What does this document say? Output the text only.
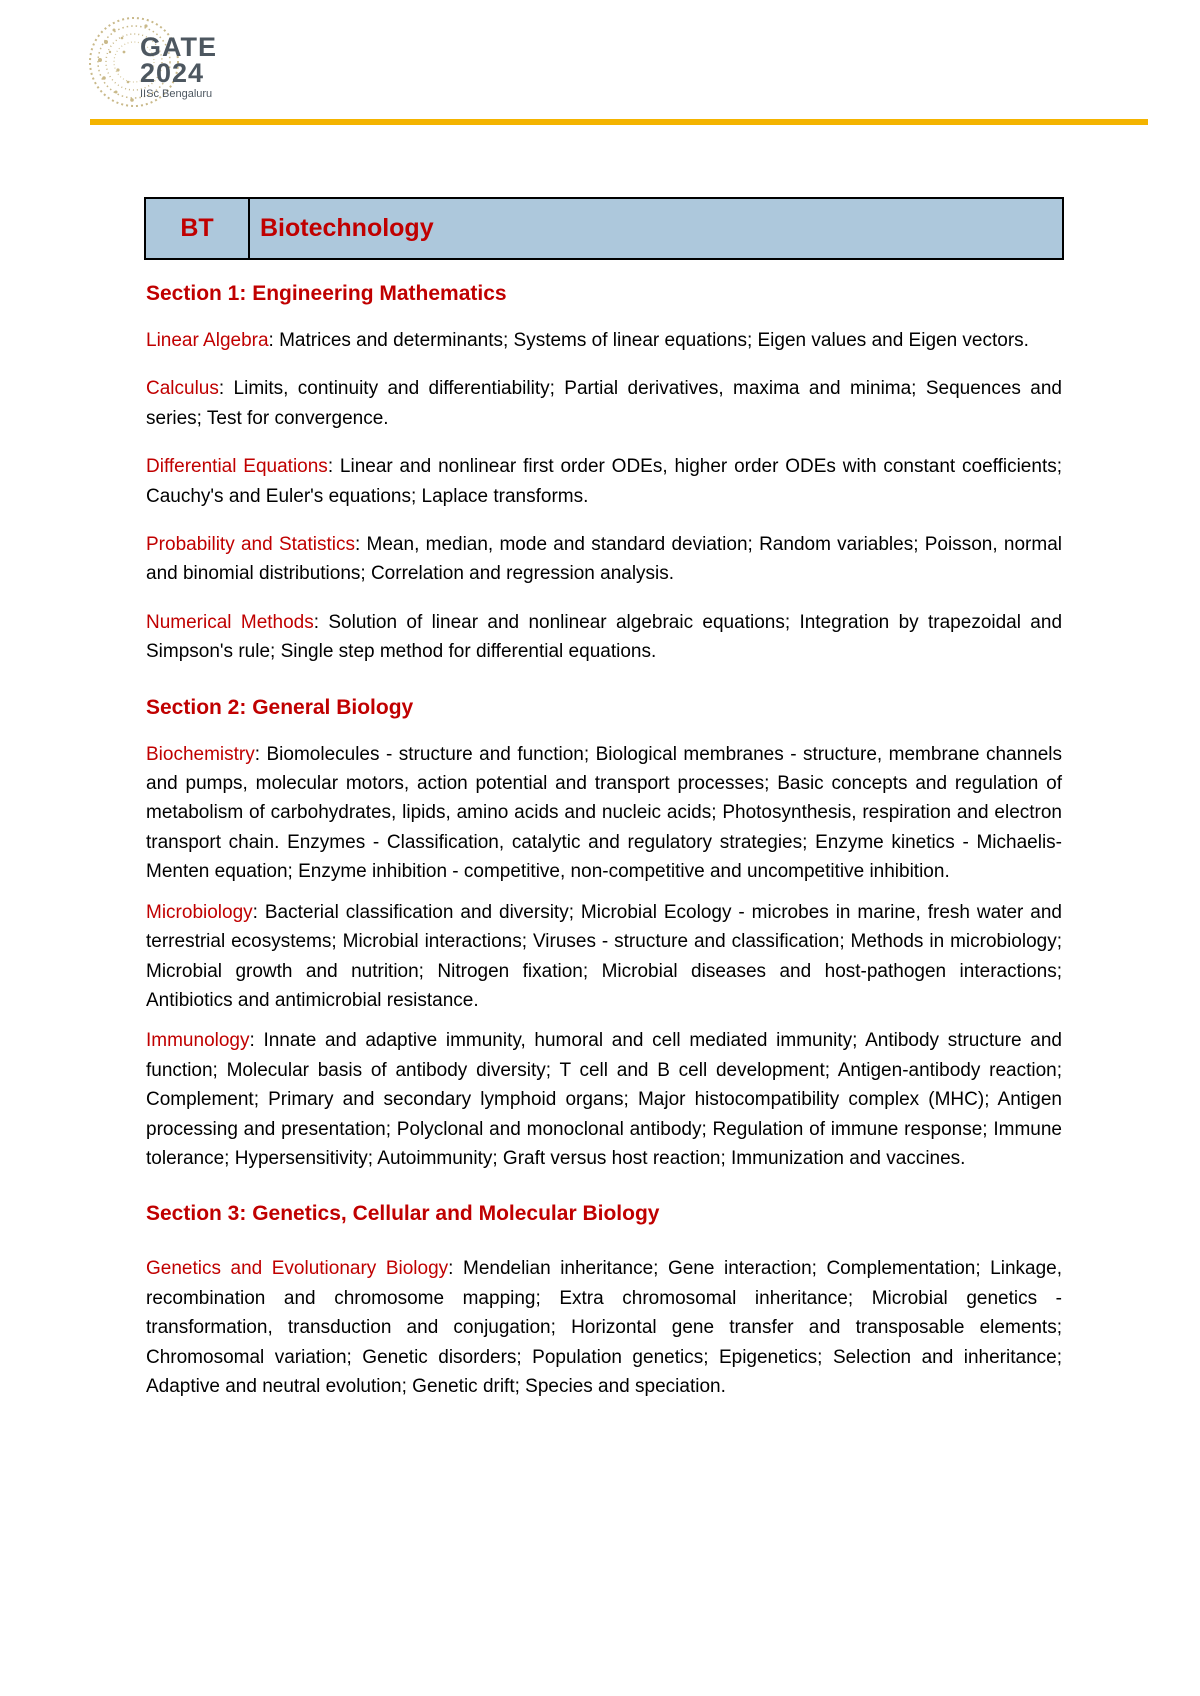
GATE
2024
IISc Bengaluru
BT	Biotechnology
Section 1: Engineering Mathematics

Linear Algebra: Matrices and determinants; Systems of linear equations; Eigen values and Eigen vectors.

Calculus: Limits, continuity and differentiability; Partial derivatives, maxima and minima; Sequences and series; Test for convergence.

Differential Equations: Linear and nonlinear first order ODEs, higher order ODEs with constant coefficients; Cauchy's and Euler's equations; Laplace transforms.

Probability and Statistics: Mean, median, mode and standard deviation; Random variables; Poisson, normal and binomial distributions; Correlation and regression analysis.

Numerical Methods: Solution of linear and nonlinear algebraic equations; Integration by trapezoidal and Simpson's rule; Single step method for differential equations.

Section 2: General Biology

Biochemistry: Biomolecules - structure and function; Biological membranes - structure, membrane channels and pumps, molecular motors, action potential and transport processes; Basic concepts and regulation of metabolism of carbohydrates, lipids, amino acids and nucleic acids; Photosynthesis, respiration and electron transport chain. Enzymes - Classification, catalytic and regulatory strategies; Enzyme kinetics - Michaelis-Menten equation; Enzyme inhibition - competitive, non-competitive and uncompetitive inhibition.

Microbiology: Bacterial classification and diversity; Microbial Ecology - microbes in marine, fresh water and terrestrial ecosystems; Microbial interactions; Viruses - structure and classification; Methods in microbiology; Microbial growth and nutrition; Nitrogen fixation; Microbial diseases and host-pathogen interactions; Antibiotics and antimicrobial resistance.

Immunology: Innate and adaptive immunity, humoral and cell mediated immunity; Antibody structure and function; Molecular basis of antibody diversity; T cell and B cell development; Antigen-antibody reaction; Complement; Primary and secondary lymphoid organs; Major histocompatibility complex (MHC); Antigen processing and presentation; Polyclonal and monoclonal antibody; Regulation of immune response; Immune tolerance; Hypersensitivity; Autoimmunity; Graft versus host reaction; Immunization and vaccines.

Section 3: Genetics, Cellular and Molecular Biology

Genetics and Evolutionary Biology: Mendelian inheritance; Gene interaction; Complementation; Linkage, recombination and chromosome mapping; Extra chromosomal inheritance; Microbial genetics - transformation, transduction and conjugation; Horizontal gene transfer and transposable elements; Chromosomal variation; Genetic disorders; Population genetics; Epigenetics; Selection and inheritance; Adaptive and neutral evolution; Genetic drift; Species and speciation.
